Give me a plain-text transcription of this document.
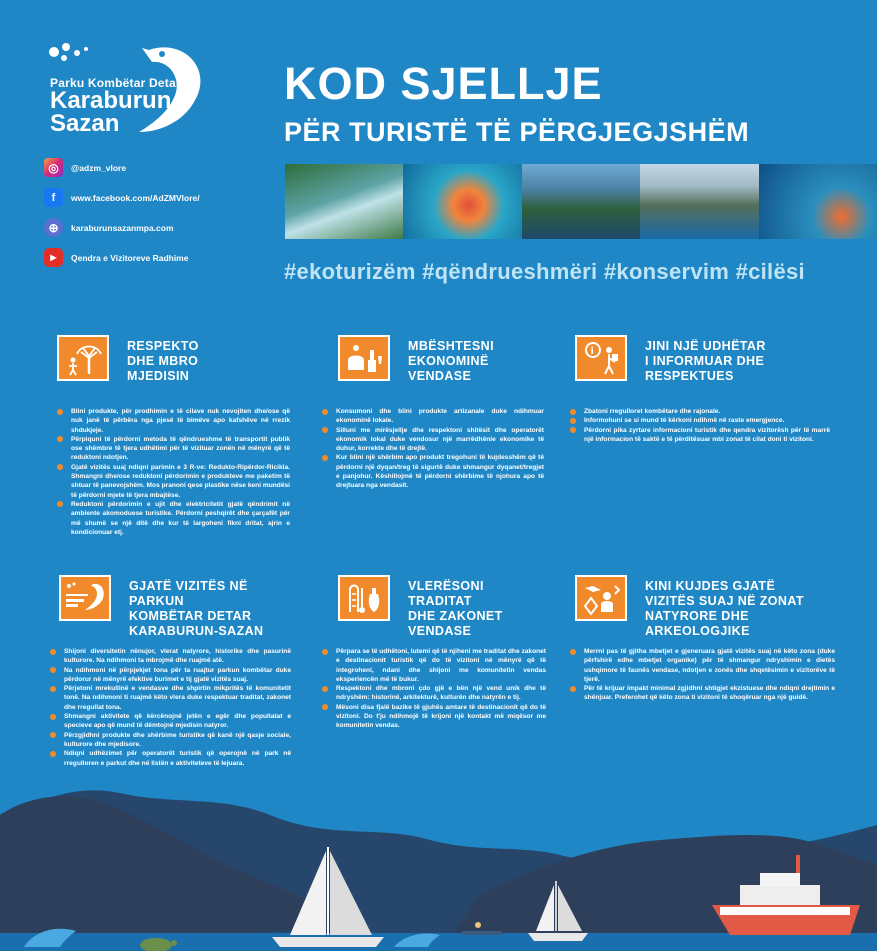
Parku Kombëtar Detar
Karaburun
Sazan
◎	@adzm_vlore
f	www.facebook.com/AdZMVlore/
⊕	karaburunsazanmpa.com
▶	Qendra e Vizitoreve Radhime
KOD SJELLJE
PËR TURISTË TË PËRGJEGJSHËM
#ekoturizëm #qëndrueshmëri #konservim #cilësi
RESPEKTO
DHE MBRO
MJEDISIN
Blini produkte, për prodhimin e të cilave nuk nevojiten dhe/ose që nuk janë të përbëra nga pjesë të bimëve apo kafshëve në rrezik shdukjeje.
Përpiquni të përdorni metoda të qëndrueshme të transportit publik ose shëmbre të tjera udhëtimi për të vizituar zonën në mënyrë që të reduktoni ndotjen.
Gjatë vizitës suaj ndiqni parimin e 3 R-ve: Redukto-Ripërdor-Ricikla. Shmangni dhe/ose reduktoni përdorimin e produkteve me paketim të shtuar të panevojshëm. Mos pranoni qese plastike nëse keni mundësi të përdorni mjete të tjera mbajtëse.
Reduktoni përdorimin e ujit dhe elektricitetit gjatë qëndrimit në ambiente akomoduese turistike. Përdorni peshqirët dhe çarçafët për më shumë se një ditë dhe kur të largoheni fikni dritat, ajrin e kondicionuar etj.
MBËSHTESNI
EKONOMINË
VENDASE
Konsumoni dhe blini produkte artizanale duke ndihmuar ekonominë lokale.
Silluni me mirësjellje dhe respektoni shitësit dhe operatorët ekonomik lokal duke vendosur një marrëdhënie ekonomike të duhur, korrekte dhe të drejtë.
Kur blini një shërbim apo produkt tregohuni të kujdesshëm që të përdorni një dyqan/treg të sigurtë duke shmangur dyqanet/tregjet e panjohur. Këshillojmë të përdorni shërbime të njohura apo të drejtuara nga vendasit.
i	JINI NJË UDHËTAR
I INFORMUAR DHE
RESPEKTUES
Zbatoni rregulloret kombëtare dhe rajonale.
Informohuni se si mund të kërkoni ndihmë në raste emergjence.
Përdorni pika zyrtare informacioni turistik dhe qendra vizitorësh për të marrë një informacion të saktë e të përditësuar mbi zonat të cilat doni ti vizitoni.
GJATË VIZITËS NË PARKUN
KOMBËTAR DETAR
KARABURUN-SAZAN
Shijoni diversitetin nënujor, vlerat natyrore, historike dhe pasurinë kulturore. Na ndihmoni ta mbrojmë dhe ruajmë atë.
Na ndihmoni në përpjekjet tona për ta ruajtur parkun kombëtar duke përdorur në mënyrë efektive burimet e tij gjatë vizitës suaj.
Përjetoni mrekullinë e vendasve dhe shpirtin mikpritës të komunitetit tonë. Na ndihmoni ti ruajmë këto vlera duke respektuar traditat, zakonet dhe rregullat tona.
Shmangni aktivitete që kërcënojnë jetën e egër dhe popullatat e specieve apo që mund të dëmtojnë mjedisin natyror.
Përzgjidhni produkte dhe shërbime turistike që kanë një qasje sociale, kulturore dhe mjedisore.
Ndiqni udhëzimet për operatorët turistik që operojnë në park në rregulloren e parkut dhe në listën e aktiviteteve të lejuara.
VLERËSONI TRADITAT
DHE ZAKONET
VENDASE
Përpara se të udhëtoni, lutemi që të njiheni me traditat dhe zakonet e destinacionit turistik që do të vizitoni në mënyrë që të integroheni, ndani dhe shijoni me komunitetin vendas eksperiencën më të bukur.
Respektoni dhe mbroni çdo gjë e bën një vend unik dhe të ndryshëm: historinë, arkitekturë, kulturën dhe natyrën e tij.
Mësoni disa fjalë bazike të gjuhës amtare të destinacionit që do të vizitoni. Do t'ju ndihmojë të krijoni një kontakt më miqësor me komunitetin vendas.
KINI KUJDES GJATË
VIZITËS SUAJ NË ZONAT
NATYRORE DHE ARKEOLOGJIKE
Merrni pas të gjitha mbetjet e gjeneruara gjatë vizitës suaj në këto zona (duke përfshirë edhe mbetjet organike) për të shmangur ndryshimin e dietës ushqimore të faunës vendase, ndotjen e zonës dhe shqetësimin e vizitorëve të tjerë.
Për të krijuar impakt minimal zgjidhni shtigjet ekzistuese dhe ndiqni drejtimin e shënjuar. Preferohet që këto zona ti vizitoni të shoqëruar nga një guidë.
